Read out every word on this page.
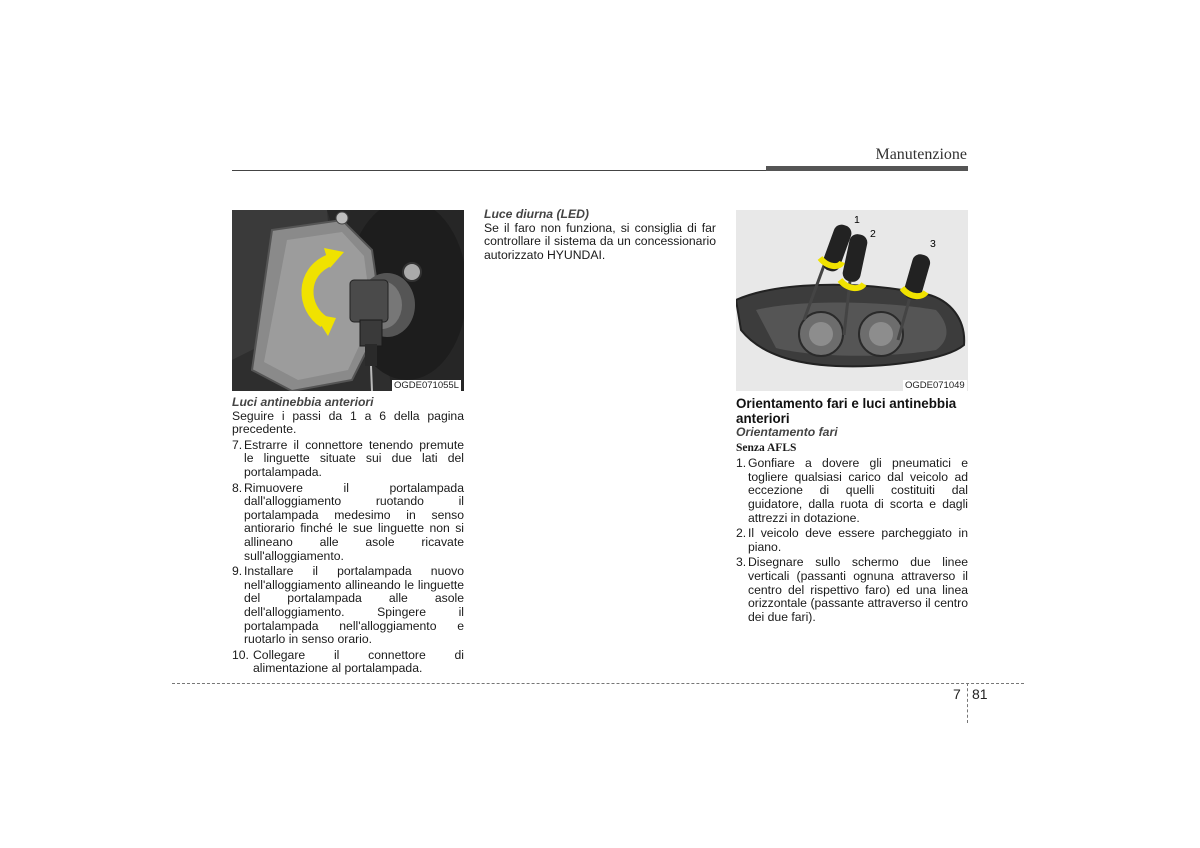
Manutenzione
OGDE071055L
1
2
3
OGDE071049
Luci antinebbia anteriori

Seguire i passi da 1 a 6 della pagina precedente.

7. Estrarre il connettore tenendo premute le linguette situate sui due lati del portalampada.
8. Rimuovere il portalampada dall'alloggiamento ruotando il portalampada medesimo in senso antiorario finché le sue linguette non si allineano alle asole ricavate sull'alloggiamento.
9. Installare il portalampada nuovo nell'alloggiamento allineando le linguette del portalampada alle asole dell'alloggiamento. Spingere il portalampada nell'alloggiamento e ruotarlo in senso orario.
10. Collegare il connettore di alimentazione al portalampada.
Luce diurna (LED)

Se il faro non funziona, si consiglia di far controllare il sistema da un concessionario autorizzato HYUNDAI.

Orientamento fari e luci antinebbia anteriori

Orientamento fari
Senza AFLS
1. Gonfiare a dovere gli pneumatici e togliere qualsiasi carico dal veicolo ad eccezione di quelli costituiti dal guidatore, dalla ruota di scorta e dagli attrezzi in dotazione.
2. Il veicolo deve essere parcheggiato in piano.
3. Disegnare sullo schermo due linee verticali (passanti ognuna attraverso il centro del rispettivo faro) ed una linea orizzontale (passante attraverso il centro dei due fari).
7 81
